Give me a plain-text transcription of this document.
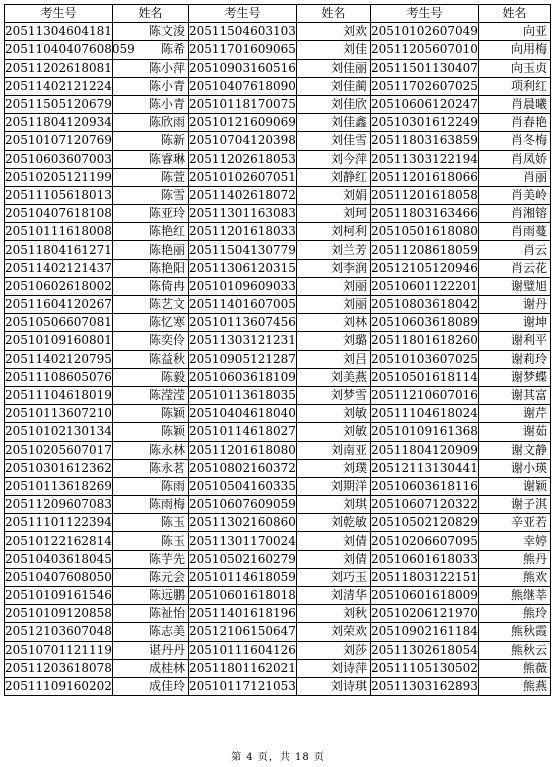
考生号	姓名	考生号	姓名	考生号	姓名
20511304604181	陈文浚	20511504603103	刘欢	20510102607049	向亚
20511040407608059	陈希	20511701609065	刘佳	20511205607010	向用梅
20511202618081	陈小萍	20510903160516	刘佳丽	20511501130407	向玉贞
20511402121224	陈小青	20510407618090	刘佳蔺	20511702607025	项利红
20511505120679	陈小青	20510118170075	刘佳欣	20510606120247	肖晨曦
20511804120934	陈欣雨	20510121609069	刘佳鑫	20510301612249	肖春艳
20510107120769	陈新	20510704120398	刘佳雪	20511803163859	肖冬梅
20510603607003	陈睿琳	20511202618053	刘今萍	20511303122194	肖凤娇
20510205121199	陈萱	20510102607051	刘静红	20511201618066	肖丽
20511105618013	陈雪	20511402618072	刘娟	20511201618058	肖美岭
20510407618108	陈亚玲	20511301163083	刘珂	20511803163466	肖湘镕
20510111618008	陈艳红	20511201618033	刘柯利	20510501618080	肖雨蔓
20511804161271	陈艳丽	20511504130779	刘兰芳	20511208618059	肖云
20511402121437	陈艳阳	20511306120315	刘李润	20512105120946	肖云花
20510602618002	陈倚冉	20510109609033	刘丽	20510601122201	谢璧旭
20511604120267	陈艺文	20511401607005	刘丽	20510803618042	谢丹
20510506607081	陈忆寒	20510113607456	刘林	20510603618089	谢坤
20510109160801	陈奕伶	20511303121231	刘璐	20511801618260	谢利平
20511402120795	陈益秋	20510905121287	刘吕	20510103607025	谢莉玲
20511108605076	陈毅	20510603618109	刘美燕	20510501618114	谢梦蝶
20511104618019	陈滢滢	20510113618035	刘梦雪	20511210607016	谢其富
20510113607210	陈颖	20510404618040	刘敏	20511104618024	谢芹
20510102130134	陈颖	20510114618027	刘敏	20510109161368	谢茹
20510205607017	陈永林	20511201618080	刘南亚	20511804120909	谢文静
20510301612362	陈永茗	20510802160372	刘璞	20512113130441	谢小瑛
20510113618269	陈雨	20510504160335	刘期洋	20510603618116	谢颖
20511209607083	陈雨梅	20510607609059	刘琪	20510607120322	谢子淇
20511101122394	陈玉	20511302160860	刘乾敏	20510502120829	辛亚若
20510122162814	陈玉	20511301170024	刘倩	20510206607095	幸婷
20510403618045	陈芋先	20510502160279	刘倩	20510601618033	熊丹
20510407608050	陈元会	20510114618059	刘巧玉	20511803122151	熊欢
20510109161546	陈远鹏	20510601618018	刘清华	20510601618009	熊继莘
20510109120858	陈祉怡	20511401618196	刘秋	20510206121970	熊玲
20512103607048	陈志美	20512106150647	刘荣欢	20510902161184	熊秋霞
20510701121119	谌丹丹	20510111604126	刘莎	20511302618054	熊秋云
20511203618078	成桂林	20511801162021	刘诗萍	20511105130502	熊薇
20511109160202	成佳玲	20510117121053	刘诗琪	20511303162893	熊燕
第 4 页，共 18 页
